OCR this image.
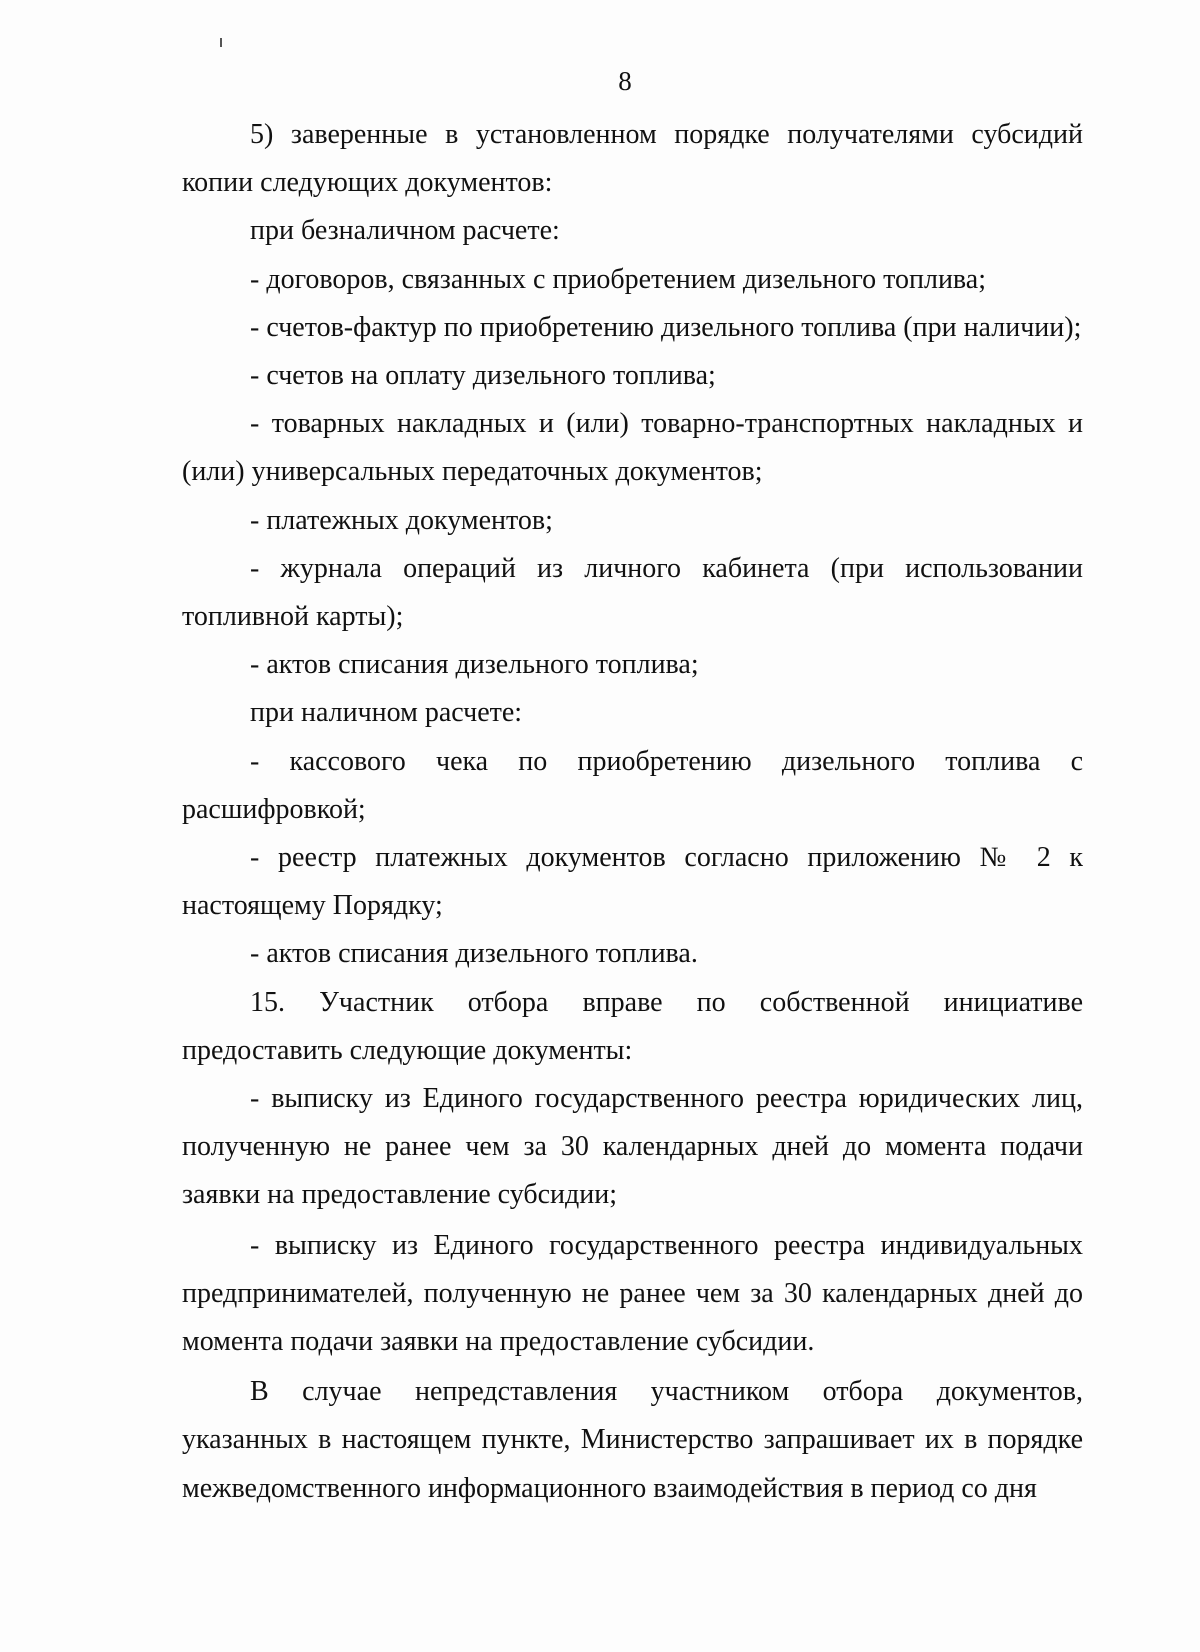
8

5) заверенные в установленном порядке получателями субсидий копии следующих документов:

при безналичном расчете:

- договоров, связанных с приобретением дизельного топлива;

- счетов-фактур по приобретению дизельного топлива (при наличии);

- счетов на оплату дизельного топлива;

- товарных накладных и (или) товарно-транспортных накладных и (или) универсальных передаточных документов;

- платежных документов;

- журнала операций из личного кабинета (при использовании топливной карты);

- актов списания дизельного топлива;

при наличном расчете:

- кассового чека по приобретению дизельного топлива с расшифровкой;

- реестр платежных документов согласно приложению № 2 к настоящему Порядку;

- актов списания дизельного топлива.

15. Участник отбора вправе по собственной инициативе предоставить следующие документы:

- выписку из Единого государственного реестра юридических лиц, полученную не ранее чем за 30 календарных дней до момента подачи заявки на предоставление субсидии;

- выписку из Единого государственного реестра индивидуальных предпринимателей, полученную не ранее чем за 30 календарных дней до момента подачи заявки на предоставление субсидии.

В случае непредставления участником отбора документов, указанных в настоящем пункте, Министерство запрашивает их в порядке межведомственного информационного взаимодействия в период со дня
